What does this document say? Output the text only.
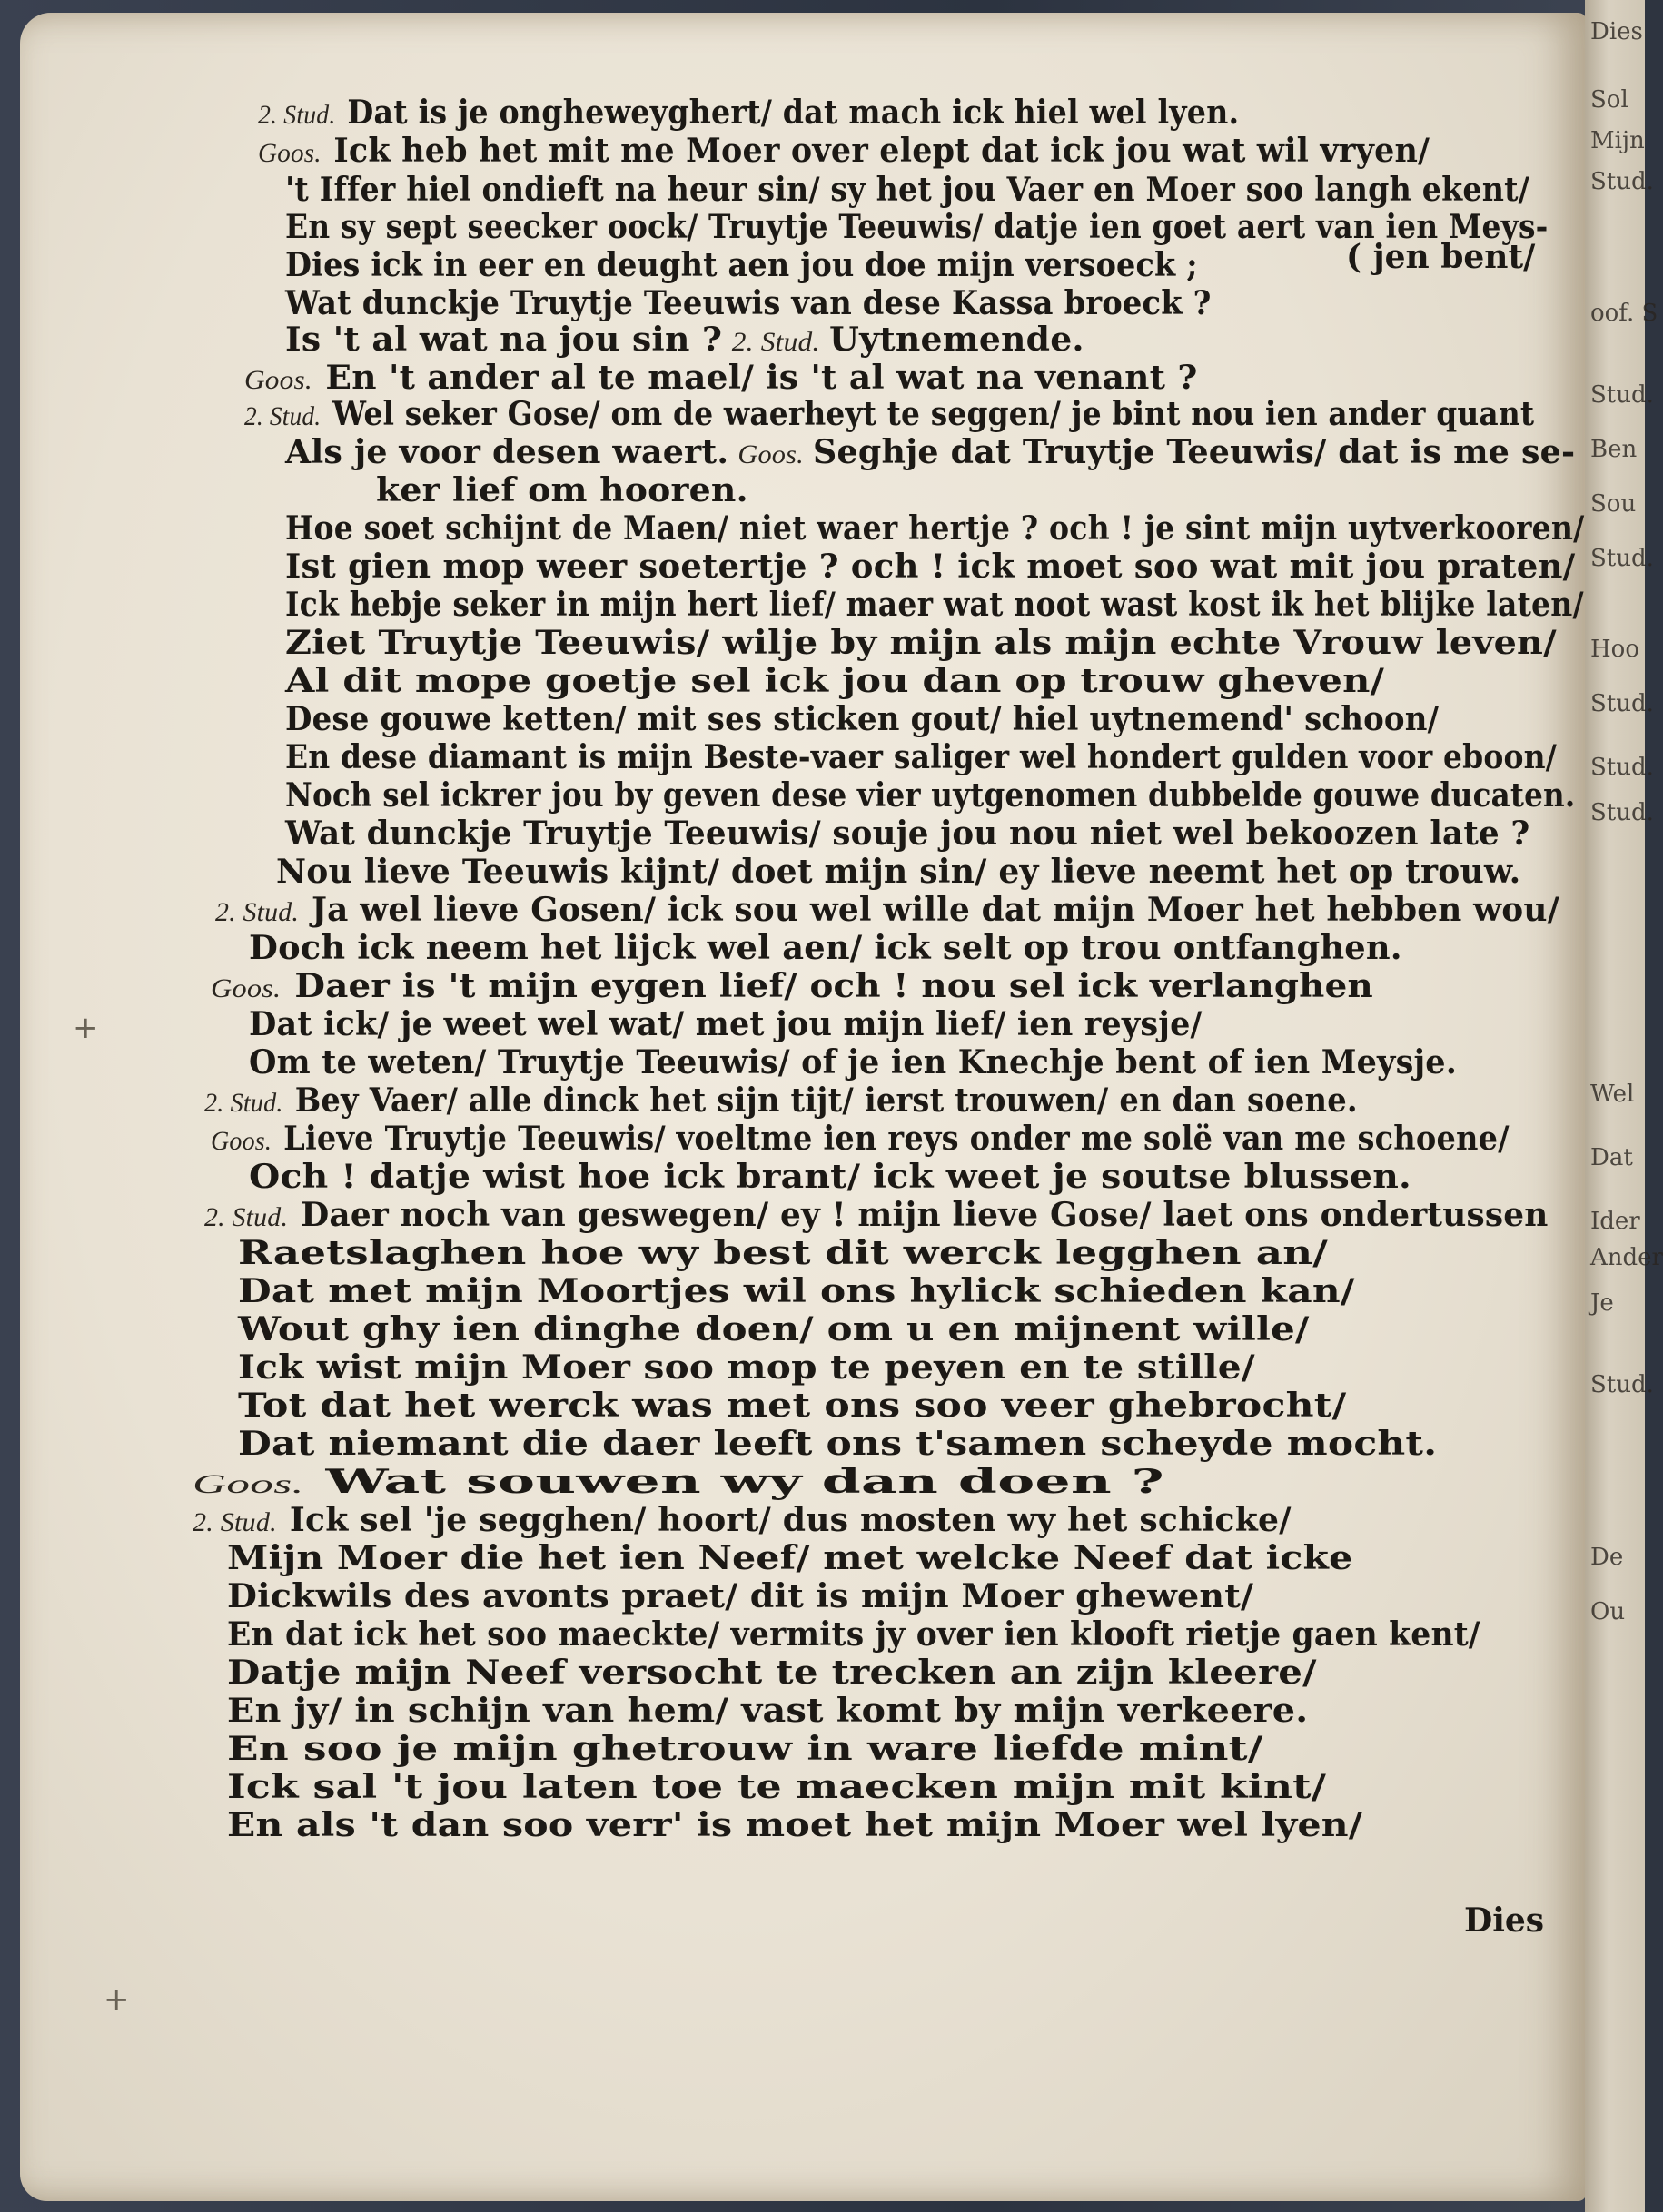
2. Stud. Dat is je ongheweyghert/ dat mach ick hiel wel lyen.
Goos. Ick heb het mit me Moer over elept dat ick jou wat wil vryen/
't Iffer hiel ondieft na heur sin/ sy het jou Vaer en Moer soo langh ekent/
En sy sept seecker oock/ Truytje Teeuwis/ datje ien goet aert van ien Meys-
Dies ick in eer en deught aen jou doe mijn versoeck ;
Wat dunckje Truytje Teeuwis van dese Kassa broeck ?
Is 't al wat na jou sin ? 2. Stud. Uytnemende.
Goos. En 't ander al te mael/ is 't al wat na venant ?
2. Stud. Wel seker Gose/ om de waerheyt te seggen/ je bint nou ien ander quant
Als je voor desen waert. Goos. Seghje dat Truytje Teeuwis/ dat is me se-
ker lief om hooren.
Hoe soet schijnt de Maen/ niet waer hertje ? och ! je sint mijn uytverkooren/
Ist gien mop weer soetertje ? och ! ick moet soo wat mit jou praten/
Ick hebje seker in mijn hert lief/ maer wat noot wast kost ik het blijke laten/
Ziet Truytje Teeuwis/ wilje by mijn als mijn echte Vrouw leven/
Al dit mope goetje sel ick jou dan op trouw gheven/
Dese gouwe ketten/ mit ses sticken gout/ hiel uytnemend' schoon/
En dese diamant is mijn Beste-vaer saliger wel hondert gulden voor eboon/
Noch sel ickrer jou by geven dese vier uytgenomen dubbelde gouwe ducaten.
Wat dunckje Truytje Teeuwis/ souje jou nou niet wel bekoozen late ?
Nou lieve Teeuwis kijnt/ doet mijn sin/ ey lieve neemt het op trouw.
2. Stud. Ja wel lieve Gosen/ ick sou wel wille dat mijn Moer het hebben wou/
Doch ick neem het lijck wel aen/ ick selt op trou ontfanghen.
Goos. Daer is 't mijn eygen lief/ och ! nou sel ick verlanghen
Dat ick/ je weet wel wat/ met jou mijn lief/ ien reysje/
Om te weten/ Truytje Teeuwis/ of je ien Knechje bent of ien Meysje.
2. Stud. Bey Vaer/ alle dinck het sijn tijt/ ierst trouwen/ en dan soene.
Goos. Lieve Truytje Teeuwis/ voeltme ien reys onder me solë van me schoene/
Och ! datje wist hoe ick brant/ ick weet je soutse blussen.
2. Stud. Daer noch van geswegen/ ey ! mijn lieve Gose/ laet ons ondertussen
Raetslaghen hoe wy best dit werck legghen an/
Dat met mijn Moortjes wil ons hylick schieden kan/
Wout ghy ien dinghe doen/ om u en mijnent wille/
Ick wist mijn Moer soo mop te peyen en te stille/
Tot dat het werck was met ons soo veer ghebrocht/
Dat niemant die daer leeft ons t'samen scheyde mocht.
Goos. Wat souwen wy dan doen ?
2. Stud. Ick sel 'je segghen/ hoort/ dus mosten wy het schicke/
Mijn Moer die het ien Neef/ met welcke Neef dat icke
Dickwils des avonts praet/ dit is mijn Moer ghewent/
En dat ick het soo maeckte/ vermits jy over ien klooft rietje gaen kent/
Datje mijn Neef versocht te trecken an zijn kleere/
En jy/ in schijn van hem/ vast komt by mijn verkeere.
En soo je mijn ghetrouw in ware liefde mint/
Ick sal 't jou laten toe te maecken mijn mit kint/
En als 't dan soo verr' is moet het mijn Moer wel lyen/
( jen bent/
Dies
+
+
Dies
Sol
Mijn
Stud.
oof. S
Stud.
Ben
Sou
Stud.
Hoo
Stud.
Stud.
Stud.
Wel
Dat
Ider
Ander
Je
Stud.
De
Ou
